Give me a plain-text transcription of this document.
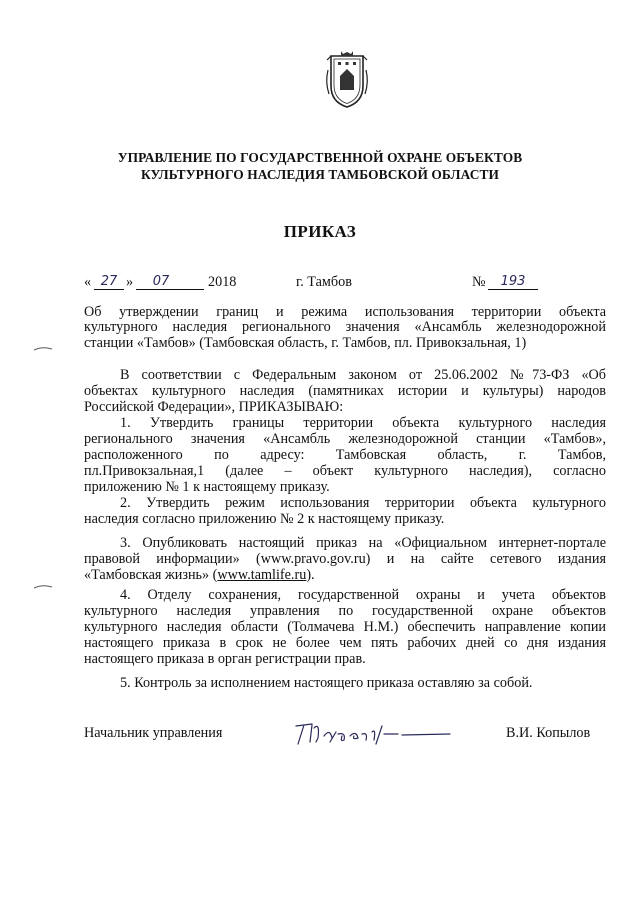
УПРАВЛЕНИЕ ПО ГОСУДАРСТВЕННОЙ ОХРАНЕ ОБЪЕКТОВ
КУЛЬТУРНОГО НАСЛЕДИЯ ТАМБОВСКОЙ ОБЛАСТИ
ПРИКАЗ
« 27 »	07	2018	г. Тамбов	№	193
Об утверждении границ и режима использования территории объекта
культурного наследия регионального значения «Ансамбль железнодорожной
станции «Тамбов» (Тамбовская область, г. Тамбов, пл. Привокзальная, 1)
В соответствии с Федеральным законом от 25.06.2002 №73-ФЗ «Об
объектах культурного наследия (памятниках истории и культуры) народов
Российской Федерации», ПРИКАЗЫВАЮ:
1. Утвердить границы территории объекта культурного наследия
регионального значения «Ансамбль железнодорожной станции «Тамбов»,
расположенного по адресу: Тамбовская область, г. Тамбов,
пл.Привокзальная,1 (далее – объект культурного наследия), согласно
приложению № 1 к настоящему приказу.
2. Утвердить режим использования территории объекта культурного
наследия согласно приложению № 2 к настоящему приказу.
3. Опубликовать настоящий приказ на «Официальном интернет-портале
правовой информации» (www.pravo.gov.ru) и на сайте сетевого издания
«Тамбовская жизнь» (www.tamlife.ru).
4. Отделу сохранения, государственной охраны и учета объектов
культурного наследия управления по государственной охране объектов
культурного наследия области (Толмачева Н.М.) обеспечить направление копии
настоящего приказа в срок не более чем пять рабочих дней со дня издания
настоящего приказа в орган регистрации прав.
5. Контроль за исполнением настоящего приказа оставляю за собой.
Начальник управления	В.И. Копылов
